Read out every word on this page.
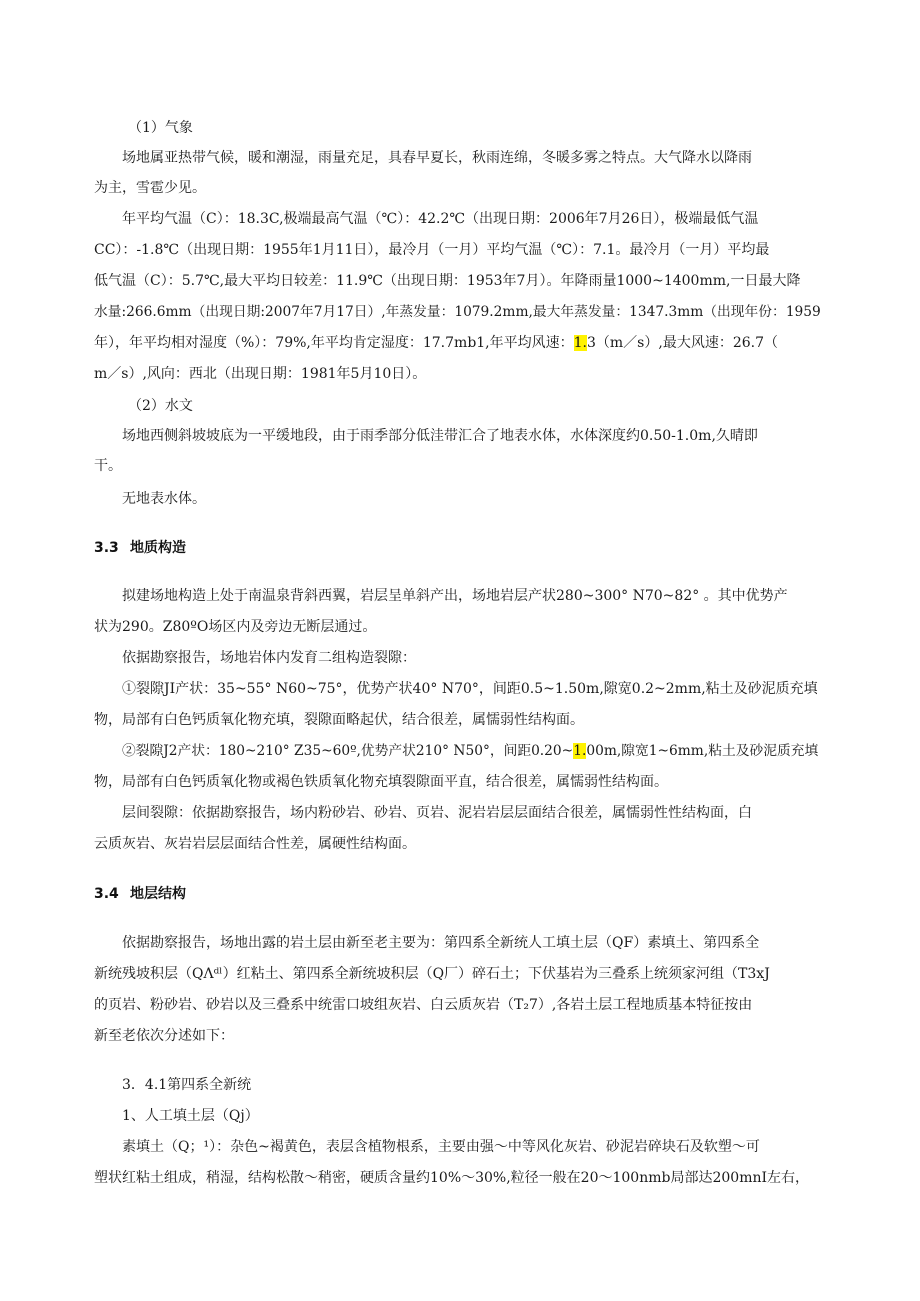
（1）气象
场地属亚热带气候，暖和潮湿，雨量充足，具春早夏长，秋雨连绵，冬暖多雾之特点。大气降水以降雨
为主，雪雹少见。
年平均气温（C）：18.3C,极端最高气温（℃）：42.2℃（出现日期：2006年7月26日），极端最低气温
CC）：-1.8℃（出现日期：1955年1月11日），最冷月（一月）平均气温（℃）：7.1。最冷月（一月）平均最
低气温（C）：5.7℃,最大平均日较差：11.9℃（出现日期：1953年7月）。年降雨量1000~1400mm,一日最大降
水量:266.6mm（出现日期:2007年7月17日）,年蒸发量：1079.2mm,最大年蒸发量：1347.3mm（出现年份：1959
年），年平均相对湿度（%）：79%,年平均肯定湿度：17.7mb1,年平均风速：1.3（m／s）,最大风速：26.7（
m／s）,风向：西北（出现日期：1981年5月10日）。
（2）水文
场地西侧斜坡坡底为一平缓地段，由于雨季部分低洼带汇合了地表水体，水体深度约0.50-1.0m,久晴即
干。
无地表水体。
3.3 地质构造
拟建场地构造上处于南温泉背斜西翼，岩层呈单斜产出，场地岩层产状280~300° N70~82° 。其中优势产
状为290。Z80ºO场区内及旁边无断层通过。
依据勘察报告，场地岩体内发育二组构造裂隙：
①裂隙JI产状：35~55° N60~75°，优势产状40° N70°，间距0.5~1.50m,隙宽0.2~2mm,粘土及砂泥质充填
物，局部有白色钙质氧化物充填，裂隙面略起伏，结合很差，属懦弱性结构面。
②裂隙J2产状：180~210° Z35~60º,优势产状210° N50°，间距0.20~1.00m,隙宽1~6mm,粘土及砂泥质充填
物，局部有白色钙质氧化物或褐色铁质氧化物充填裂隙面平直，结合很差，属懦弱性结构面。
层间裂隙：依据勘察报告，场内粉砂岩、砂岩、页岩、泥岩岩层层面结合很差，属懦弱性性结构面，白
云质灰岩、灰岩岩层层面结合性差，属硬性结构面。
3.4 地层结构
依据勘察报告，场地出露的岩土层由新至老主要为：第四系全新统人工填土层（QF）素填土、第四系全
新统残坡积层（QΛᵈˡ）红粘土、第四系全新统坡积层（Q厂）碎石土；下伏基岩为三叠系上统须家河组（T3xJ
的页岩、粉砂岩、砂岩以及三叠系中统雷口坡组灰岩、白云质灰岩（T₂7）,各岩土层工程地质基本特征按由
新至老依次分述如下：
3．4.1第四系全新统
1、人工填土层（Qj）
素填土（Q；¹）：杂色~褐黄色，表层含植物根系，主要由强～中等风化灰岩、砂泥岩碎块石及软塑～可
塑状红粘土组成，稍湿，结构松散～稍密，硬质含量约10%～30%,粒径一般在20～100nmb局部达200mnI左右，
